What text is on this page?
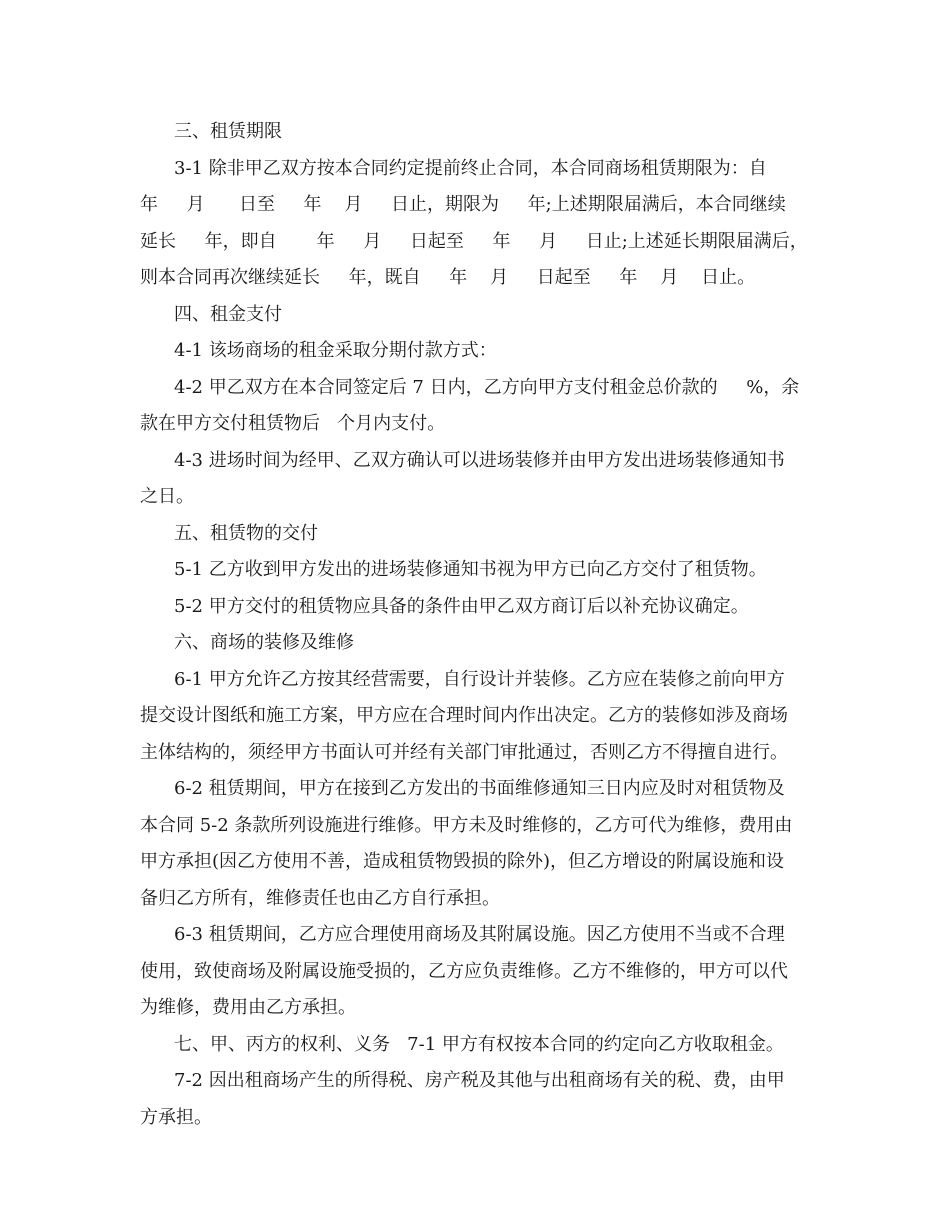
三、租赁期限
3-1 除非甲乙双方按本合同约定提前终止合同，本合同商场租赁期限为：自
年     月      日至     年    月     日止，期限为     年;上述期限届满后，本合同继续
延长     年，即自       年     月     日起至     年     月     日止;上述延长期限届满后，
则本合同再次继续延长     年，既自     年    月     日起至     年    月    日止。
四、租金支付
4-1 该场商场的租金采取分期付款方式：
4-2 甲乙双方在本合同签定后 7 日内，乙方向甲方支付租金总价款的     %，余
款在甲方交付租赁物后   个月内支付。
4-3 进场时间为经甲、乙双方确认可以进场装修并由甲方发出进场装修通知书
之日。
五、租赁物的交付
5-1 乙方收到甲方发出的进场装修通知书视为甲方已向乙方交付了租赁物。
5-2 甲方交付的租赁物应具备的条件由甲乙双方商订后以补充协议确定。
六、商场的装修及维修
6-1 甲方允许乙方按其经营需要，自行设计并装修。乙方应在装修之前向甲方
提交设计图纸和施工方案，甲方应在合理时间内作出决定。乙方的装修如涉及商场
主体结构的，须经甲方书面认可并经有关部门审批通过，否则乙方不得擅自进行。
6-2 租赁期间，甲方在接到乙方发出的书面维修通知三日内应及时对租赁物及
本合同 5-2 条款所列设施进行维修。甲方未及时维修的，乙方可代为维修，费用由
甲方承担(因乙方使用不善，造成租赁物毁损的除外)，但乙方增设的附属设施和设
备归乙方所有，维修责任也由乙方自行承担。
6-3 租赁期间，乙方应合理使用商场及其附属设施。因乙方使用不当或不合理
使用，致使商场及附属设施受损的，乙方应负责维修。乙方不维修的，甲方可以代
为维修，费用由乙方承担。
七、甲、丙方的权利、义务   7-1 甲方有权按本合同的约定向乙方收取租金。
7-2 因出租商场产生的所得税、房产税及其他与出租商场有关的税、费，由甲
方承担。
